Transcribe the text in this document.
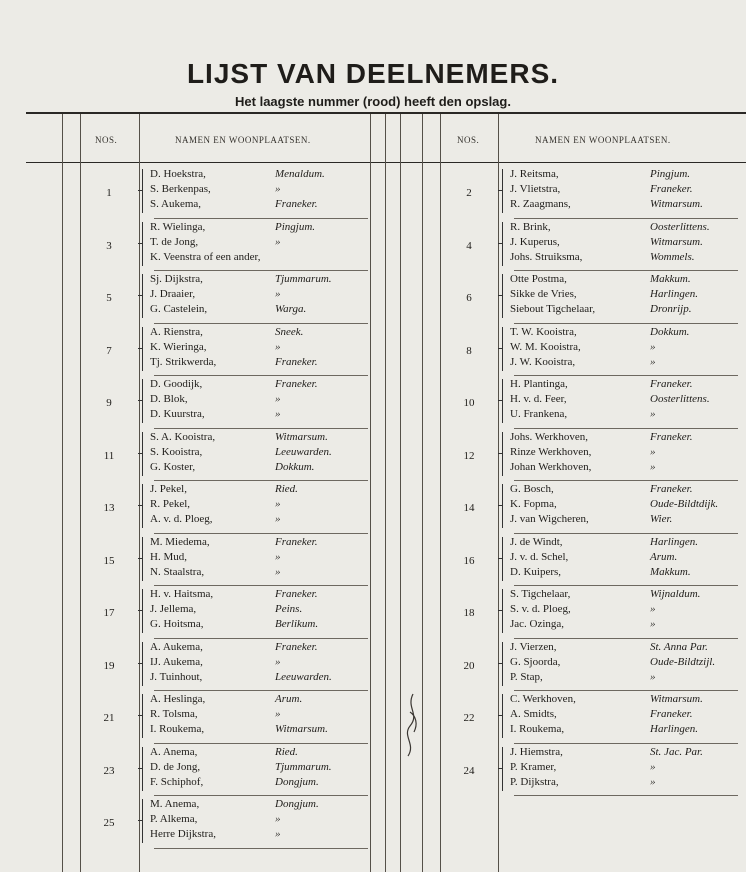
LIJST VAN DEELNEMERS.
Het laagste nummer (rood) heeft den opslag.
NOS.	NAMEN EN WOONPLAATSEN.	NOS.	NAMEN EN WOONPLAATSEN.
1
D. Hoekstra,	Menaldum.
S. Berkenpas,	»
S. Aukema,	Franeker.
3
R. Wielinga,	Pingjum.
T. de Jong,	»
K. Veenstra of een ander,
5
Sj. Dijkstra,	Tjummarum.
J. Draaier,	»
G. Castelein,	Warga.
7
A. Rienstra,	Sneek.
K. Wieringa,	»
Tj. Strikwerda,	Franeker.
9
D. Goodijk,	Franeker.
D. Blok,	»
D. Kuurstra,	»
11
S. A. Kooistra,	Witmarsum.
S. Kooistra,	Leeuwarden.
G. Koster,	Dokkum.
13
J. Pekel,	Ried.
R. Pekel,	»
A. v. d. Ploeg,	»
15
M. Miedema,	Franeker.
H. Mud,	»
N. Staalstra,	»
17
H. v. Haitsma,	Franeker.
J. Jellema,	Peins.
G. Hoitsma,	Berlikum.
19
A. Aukema,	Franeker.
IJ. Aukema,	»
J. Tuinhout,	Leeuwarden.
21
A. Heslinga,	Arum.
R. Tolsma,	»
I. Roukema,	Witmarsum.
23
A. Anema,	Ried.
D. de Jong,	Tjummarum.
F. Schiphof,	Dongjum.
25
M. Anema,	Dongjum.
P. Alkema,	»
Herre Dijkstra,	»
2
J. Reitsma,	Pingjum.
J. Vlietstra,	Franeker.
R. Zaagmans,	Witmarsum.
4
R. Brink,	Oosterlittens.
J. Kuperus,	Witmarsum.
Johs. Struiksma,	Wommels.
6
Otte Postma,	Makkum.
Sikke de Vries,	Harlingen.
Siebout Tigchelaar,	Dronrijp.
8
T. W. Kooistra,	Dokkum.
W. M. Kooistra,	»
J. W. Kooistra,	»
10
H. Plantinga,	Franeker.
H. v. d. Feer,	Oosterlittens.
U. Frankena,	»
12
Johs. Werkhoven,	Franeker.
Rinze Werkhoven,	»
Johan Werkhoven,	»
14
G. Bosch,	Franeker.
K. Fopma,	Oude-Bildtdijk.
J. van Wigcheren,	Wier.
16
J. de Windt,	Harlingen.
J. v. d. Schel,	Arum.
D. Kuipers,	Makkum.
18
S. Tigchelaar,	Wijnaldum.
S. v. d. Ploeg,	»
Jac. Ozinga,	»
20
J. Vierzen,	St. Anna Par.
G. Sjoorda,	Oude-Bildtzijl.
P. Stap,	»
22
C. Werkhoven,	Witmarsum.
A. Smidts,	Franeker.
I. Roukema,	Harlingen.
24
J. Hiemstra,	St. Jac. Par.
P. Kramer,	»
P. Dijkstra,	»
